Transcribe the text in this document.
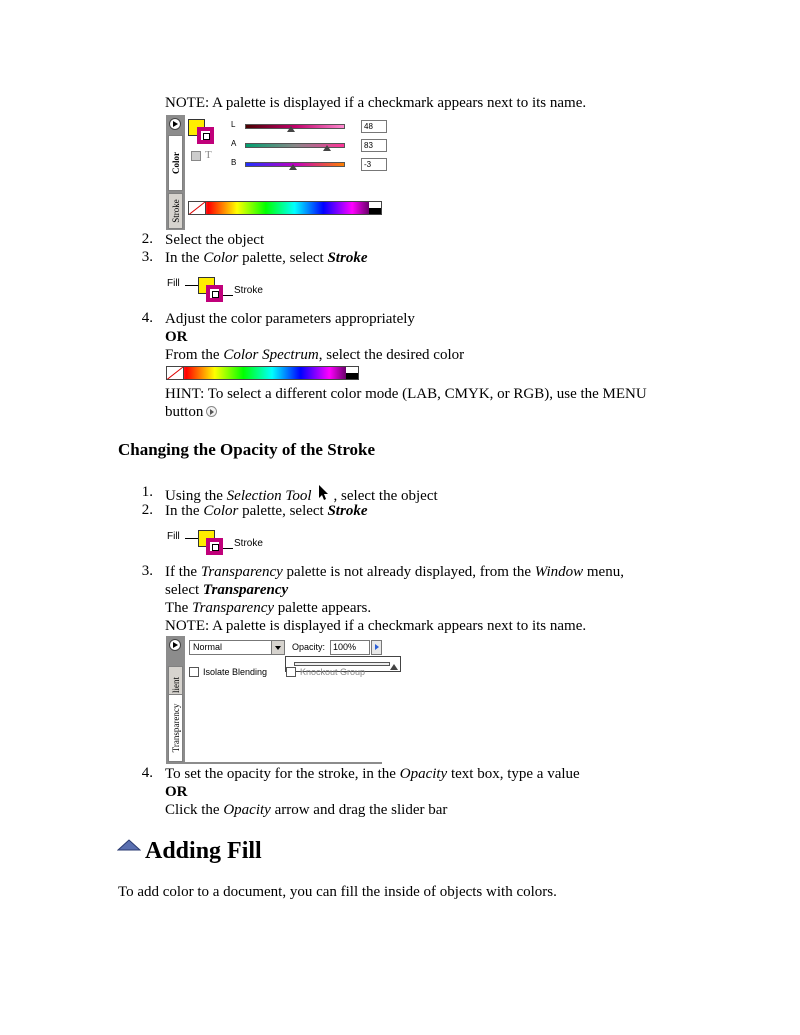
NOTE: A palette is displayed if a checkmark appears next to its name.
Color
Stroke
T
L	48
A	83
B	-3
2. Select the object
3. In the Color palette, select Stroke
Fill
Stroke
4. Adjust the color parameters appropriately
OR
From the Color Spectrum, select the desired color
HINT: To select a different color mode (LAB, CMYK, or RGB), use the MENU
button
Changing the Opacity of the Stroke
1. Using the Selection Tool , select the object
2. In the Color palette, select Stroke
Fill
Stroke
3. If the Transparency palette is not already displayed, from the Window menu,
select Transparency
The Transparency palette appears.
NOTE: A palette is displayed if a checkmark appears next to its name.
lient
Transparency
Normal	Opacity: 100%
Isolate Blending	Knockout Group
4. To set the opacity for the stroke, in the Opacity text box, type a value
OR
Click the Opacity arrow and drag the slider bar
Adding Fill
To add color to a document, you can fill the inside of objects with colors.
